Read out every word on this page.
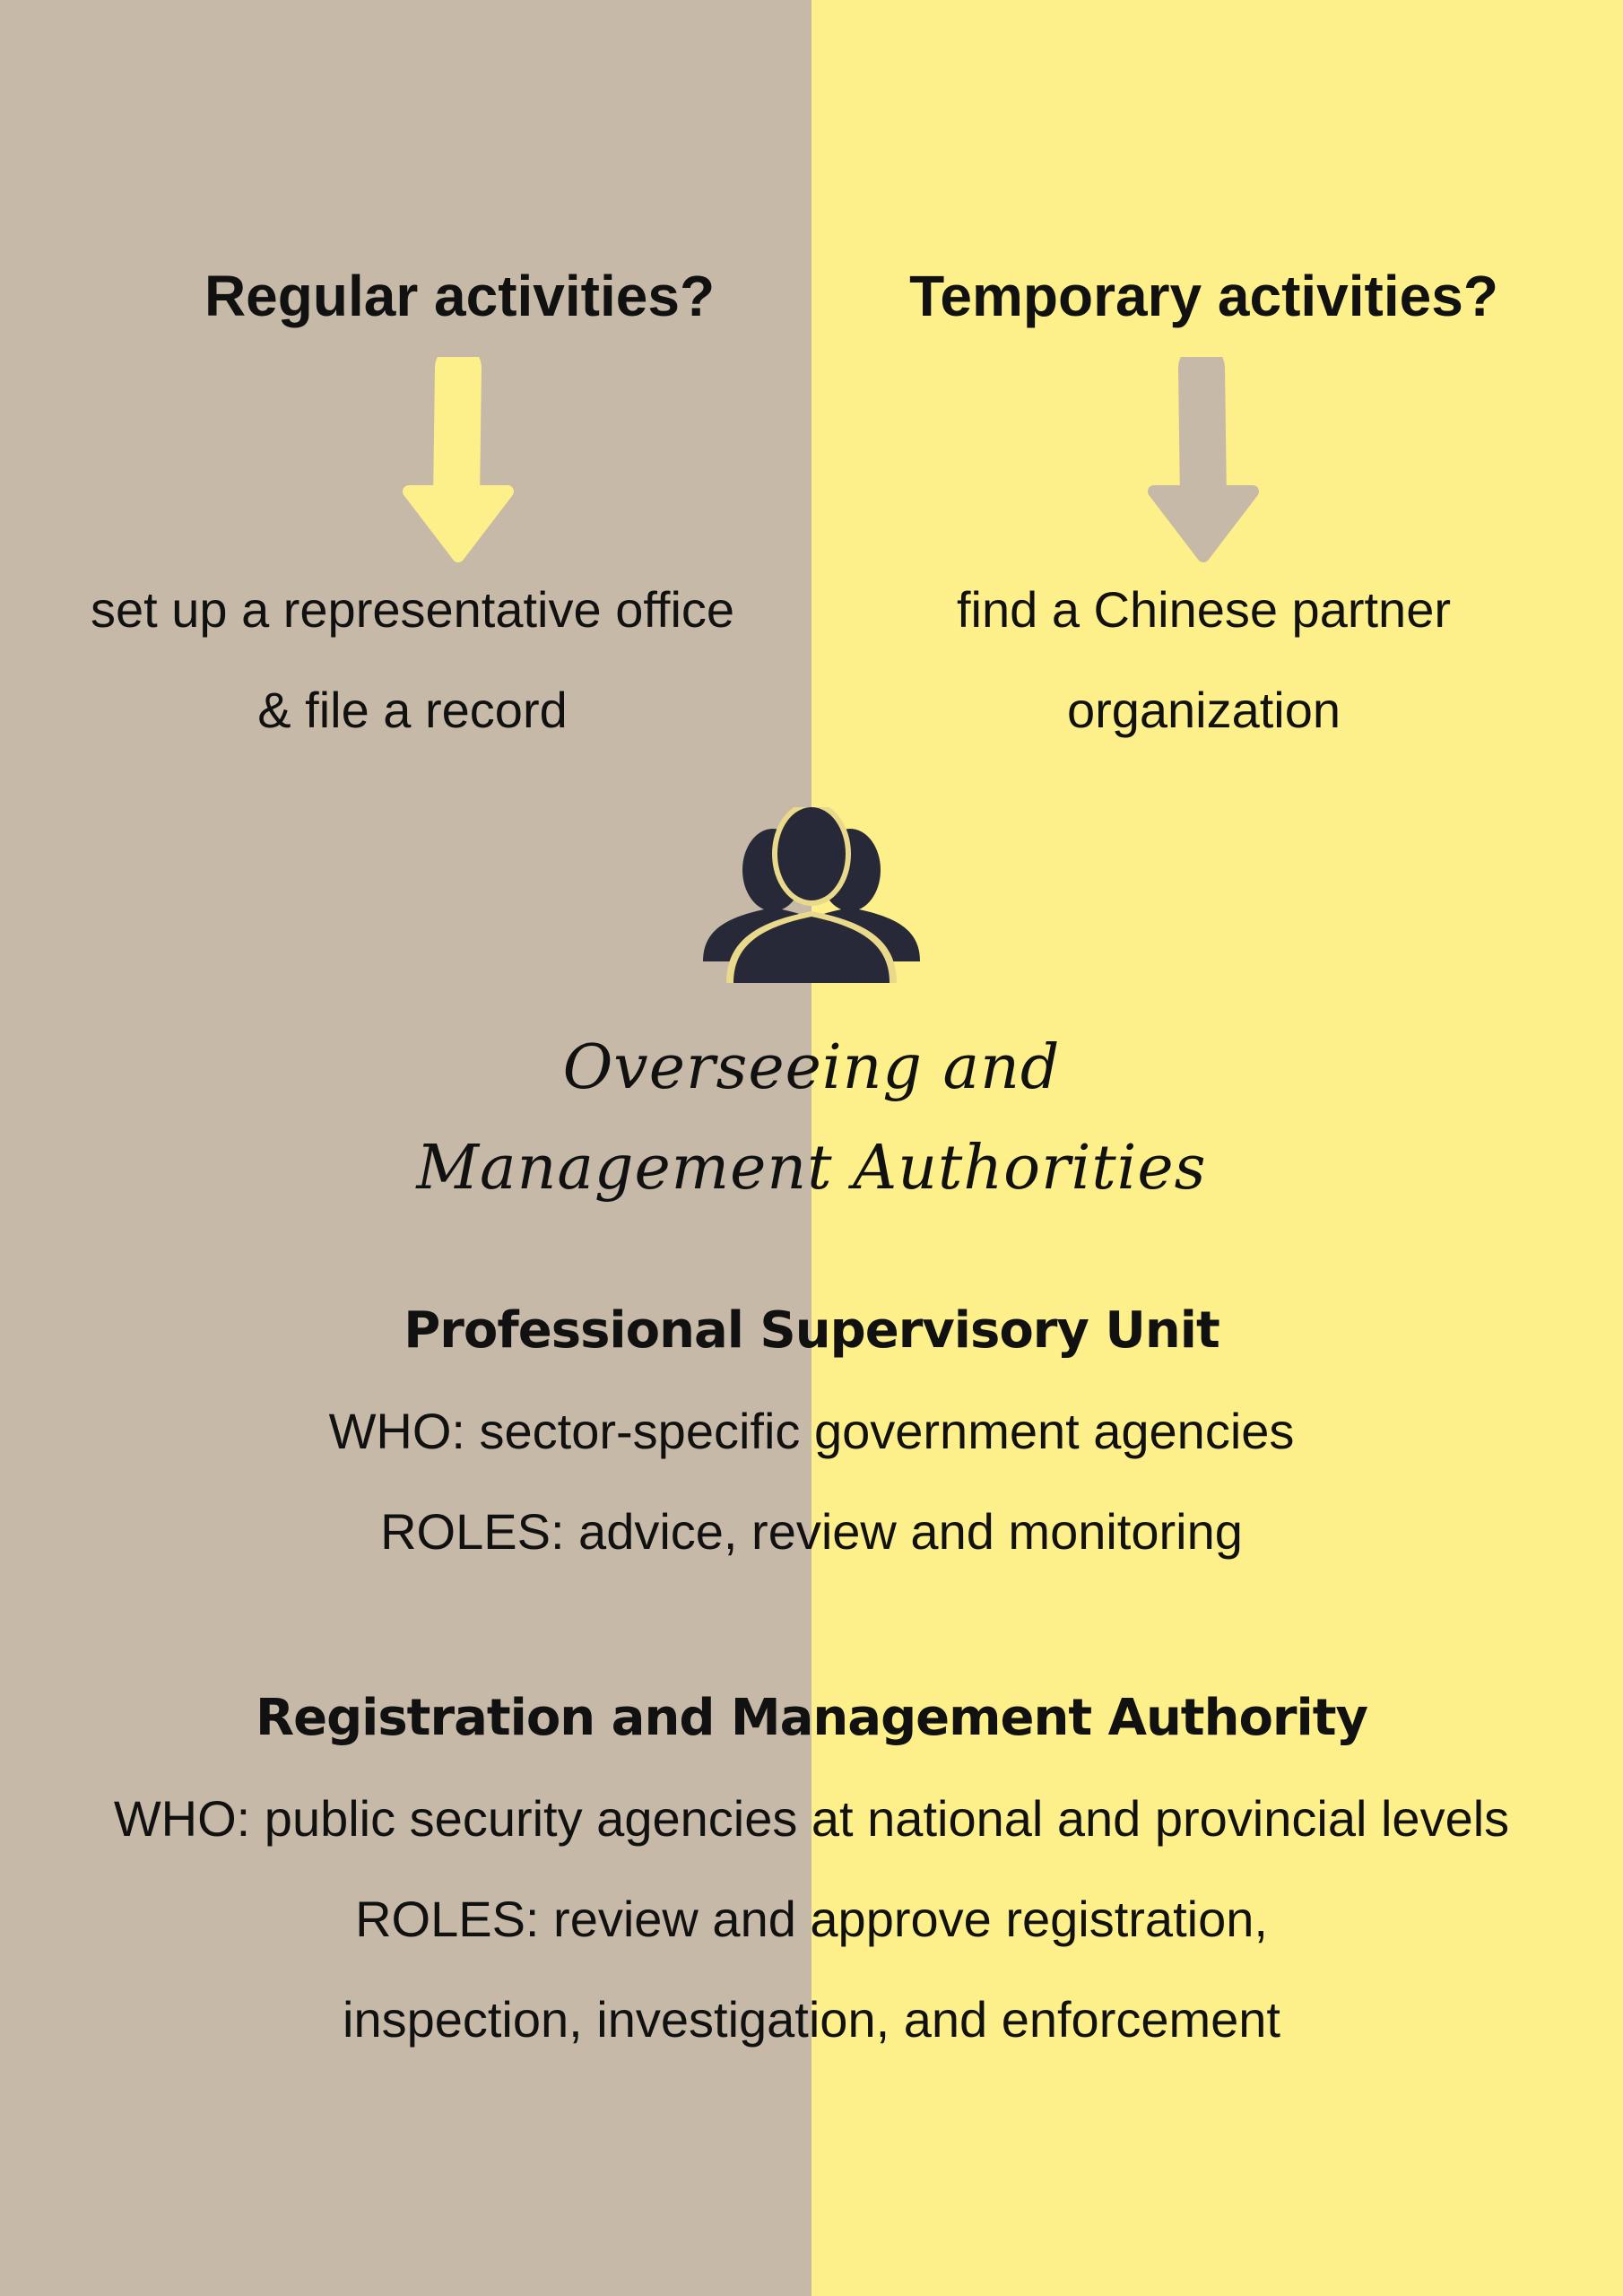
Regular activities?
set up a representative office
& file a record
Temporary activities?
find a Chinese partner
organization
Overseeing and
Management Authorities
Professional Supervisory Unit
WHO: sector-specific government agencies
ROLES: advice, review and monitoring
Registration and Management Authority
WHO: public security agencies at national and provincial levels
ROLES: review and approve registration,
inspection, investigation, and enforcement
